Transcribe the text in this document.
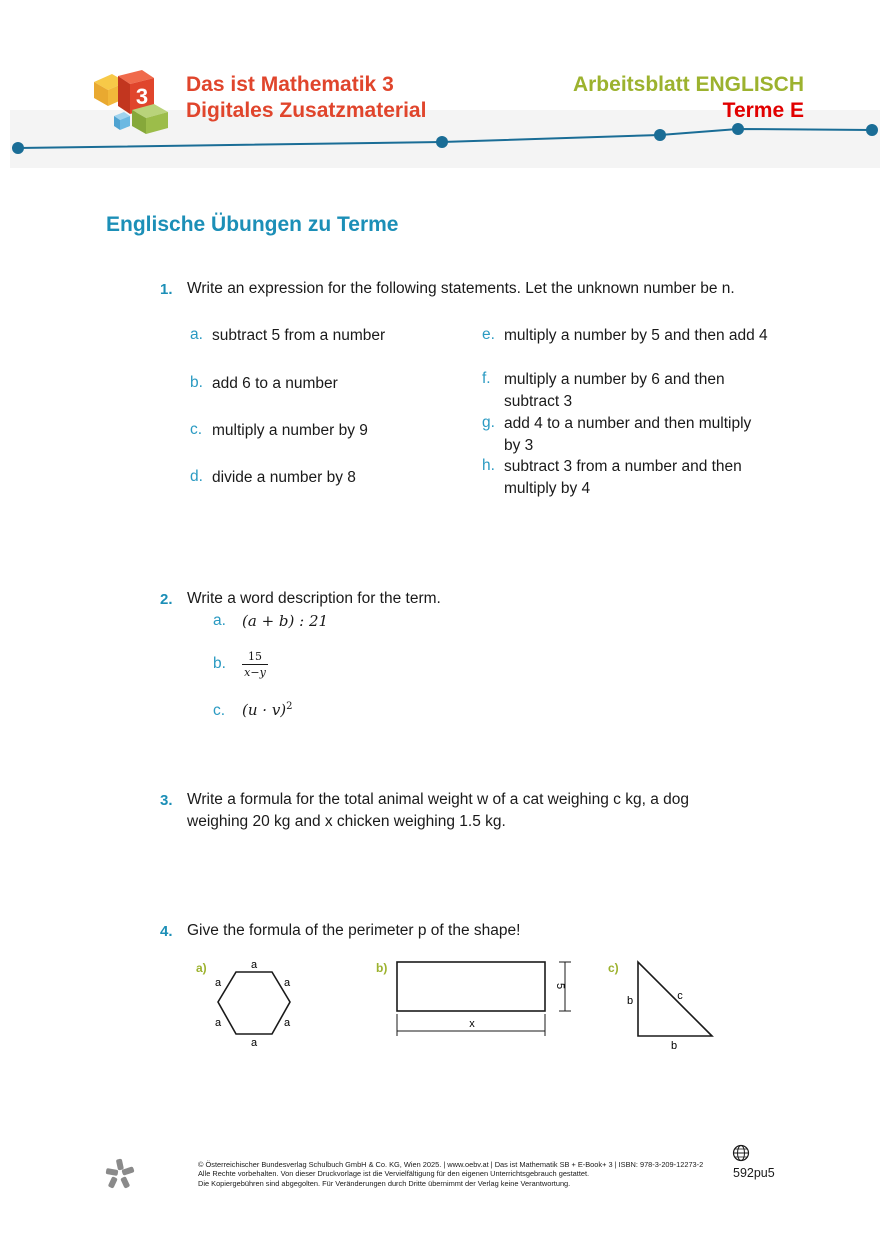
3 Das ist Mathematik 3
Digitales Zusatzmaterial
Arbeitsblatt ENGLISCH
Terme E
Englische Übungen zu Terme
1. Write an expression for the following statements. Let the unknown number be n.
a. subtract 5 from a number
b. add 6 to a number
c. multiply a number by 9
d. divide a number by 8
e. multiply a number by 5 and then add 4
f. multiply a number by 6 and then
subtract 3
g. add 4 to a number and then multiply
by 3
h. subtract 3 from a number and then
multiply by 4
2. Write a word description for the term.
a. (a + b) : 21
b.	15
x−y
c. $(u \cdot v)^2$
3. Write a formula for the total animal weight w of a cat weighing c kg, a dog
weighing 20 kg and x chicken weighing 1.5 kg.
4. Give the formula of the perimeter p of the shape!
a)	a
a	a
a	a
a
b)
5
x
c)
b	c
b
© Österreichischer Bundesverlag Schulbuch GmbH & Co. KG, Wien 2025. | www.oebv.at | Das ist Mathematik SB + E-Book+ 3 | ISBN: 978-3-209-12273-2
Alle Rechte vorbehalten. Von dieser Druckvorlage ist die Vervielfältigung für den eigenen Unterrichtsgebrauch gestattet.
Die Kopiergebühren sind abgegolten. Für Veränderungen durch Dritte übernimmt der Verlag keine Verantwortung.
592pu5
